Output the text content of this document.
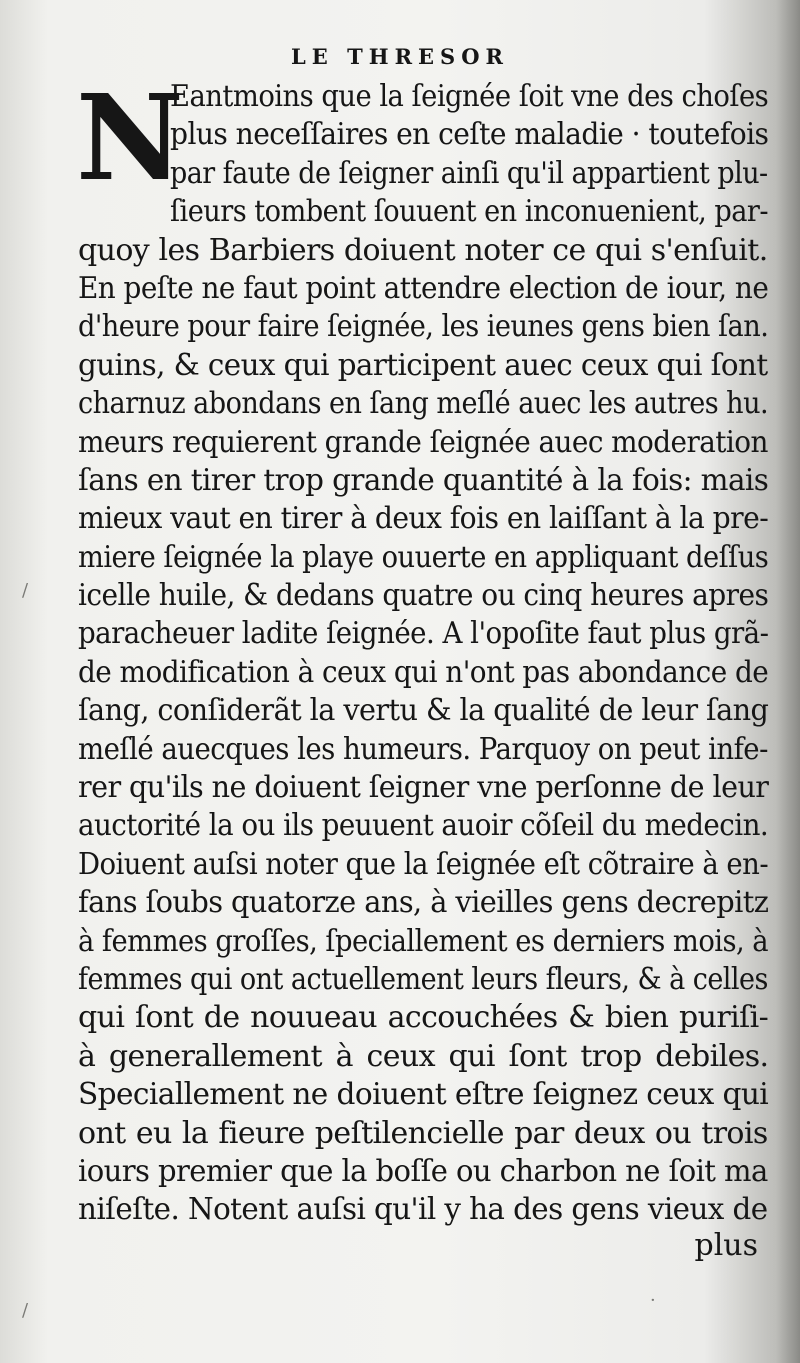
LE THRESOR
N
Eantmoins que la ſeignée ſoit vne des choſes
plus neceſſaires en ceſte maladie · toutefois
par faute de ſeigner ainſi qu'il appartient plu-
ſieurs tombent ſouuent en inconuenient, par-
quoy les Barbiers doiuent noter ce qui s'enſuit.
En peſte ne faut point attendre election de iour, ne
d'heure pour faire ſeignée, les ieunes gens bien ſan.
guins, & ceux qui participent auec ceux qui ſont
charnuz abondans en ſang meſlé auec les autres hu.
meurs requierent grande ſeignée auec moderation
ſans en tirer trop grande quantité à la fois: mais
mieux vaut en tirer à deux fois en laiſſant à la pre-
miere ſeignée la playe ouuerte en appliquant deſſus
icelle huile, & dedans quatre ou cinq heures apres
paracheuer ladite ſeignée. A l'opoſite faut plus grã-
de modification à ceux qui n'ont pas abondance de
ſang, conſiderãt la vertu & la qualité de leur ſang
meſlé auecques les humeurs. Parquoy on peut infe-
rer qu'ils ne doiuent ſeigner vne perſonne de leur
auctorité la ou ils peuuent auoir cõſeil du medecin.
Doiuent auſsi noter que la ſeignée eſt cõtraire à en-
fans ſoubs quatorze ans, à vieilles gens decrepitz
à femmes groſſes, ſpeciallement es derniers mois, à
femmes qui ont actuellement leurs fleurs, & à celles
qui ſont de nouueau accouchées & bien puriſi-
à generallement à ceux qui ſont trop debiles.
Speciallement ne doiuent eſtre ſeignez ceux qui
ont eu la fieure peſtilencielle par deux ou trois
iours premier que la boſſe ou charbon ne ſoit ma
niſeſte. Notent auſsi qu'il y ha des gens vieux de
plus
/
/	·
